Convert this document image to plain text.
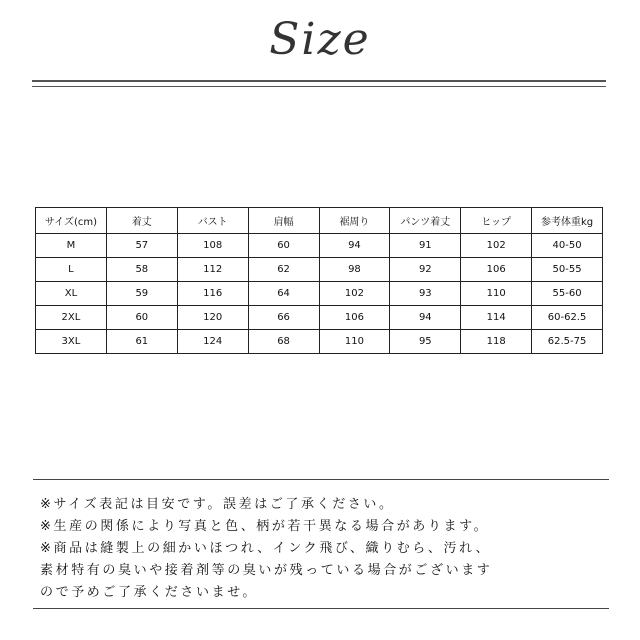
Size
サイズ(cm)	着丈	バスト	肩幅	裾周り	パンツ着丈	ヒップ	参考体重kg
M	57	108	60	94	91	102	40-50
L	58	112	62	98	92	106	50-55
XL	59	116	64	102	93	110	55-60
2XL	60	120	66	106	94	114	60-62.5
3XL	61	124	68	110	95	118	62.5-75
※サイズ表記は目安です。誤差はご了承ください。
※生産の関係により写真と色、柄が若干異なる場合があります。
※商品は縫製上の細かいほつれ、インク飛び、織りむら、汚れ、
素材特有の臭いや接着剤等の臭いが残っている場合がございます
ので予めご了承くださいませ。
